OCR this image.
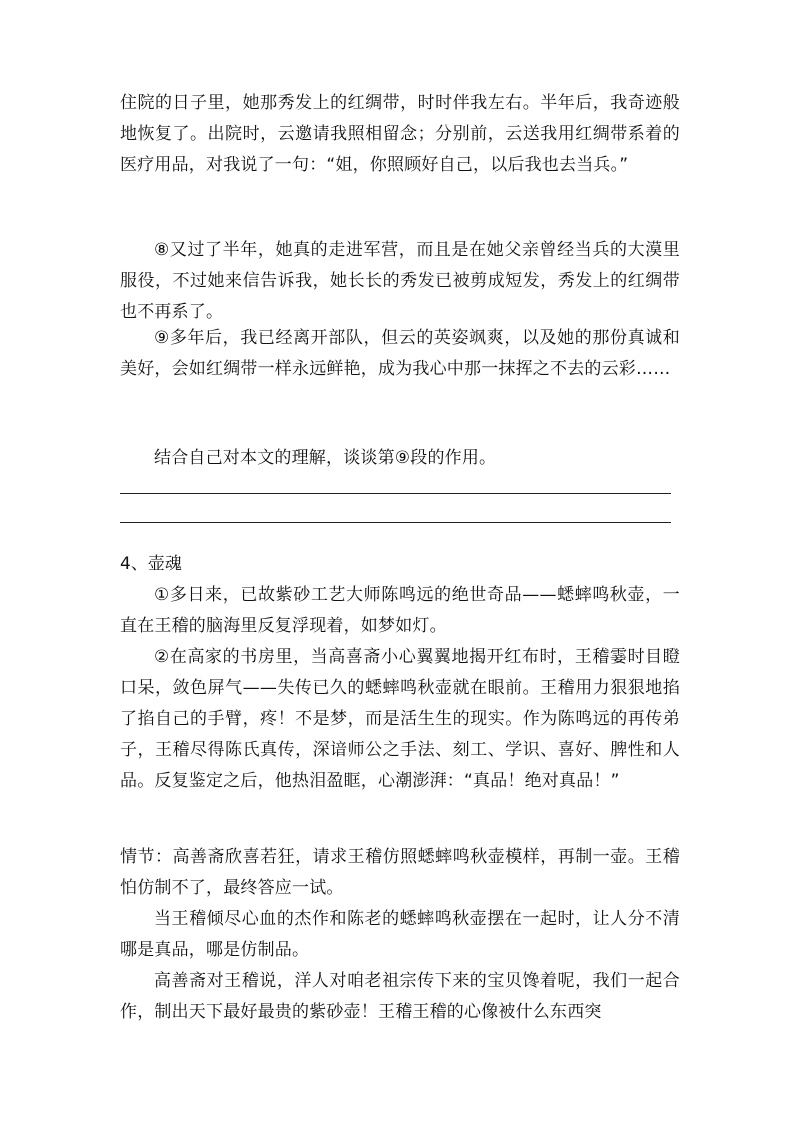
住院的日子里，她那秀发上的红绸带，时时伴我左右。半年后，我奇迹般地恢复了。出院时，云邀请我照相留念；分别前，云送我用红绸带系着的医疗用品，对我说了一句：“姐，你照顾好自己，以后我也去当兵。”

⑧又过了半年，她真的走进军营，而且是在她父亲曾经当兵的大漠里服役，不过她来信告诉我，她长长的秀发已被剪成短发，秀发上的红绸带也不再系了。

⑨多年后，我已经离开部队，但云的英姿飒爽，以及她的那份真诚和美好，会如红绸带一样永远鲜艳，成为我心中那一抹挥之不去的云彩……

结合自己对本文的理解，谈谈第⑨段的作用。

4、壶魂

①多日来，已故紫砂工艺大师陈鸣远的绝世奇品——蟋蟀鸣秋壶，一直在王稽的脑海里反复浮现着，如梦如灯。

②在高家的书房里，当高喜斋小心翼翼地揭开红布时，王稽霎时目瞪口呆，敛色屏气——失传已久的蟋蟀鸣秋壶就在眼前。王稽用力狠狠地掐了掐自己的手臂，疼！不是梦，而是活生生的现实。作为陈鸣远的再传弟子，王稽尽得陈氏真传，深谙师公之手法、刻工、学识、喜好、脾性和人品。反复鉴定之后，他热泪盈眶，心潮澎湃：“真品！绝对真品！”

情节：高善斋欣喜若狂，请求王稽仿照蟋蟀鸣秋壶模样，再制一壶。王稽怕仿制不了，最终答应一试。

当王稽倾尽心血的杰作和陈老的蟋蟀鸣秋壶摆在一起时，让人分不清哪是真品，哪是仿制品。

高善斋对王稽说，洋人对咱老祖宗传下来的宝贝馋着呢，我们一起合作，制出天下最好最贵的紫砂壶！王稽王稽的心像被什么东西突
